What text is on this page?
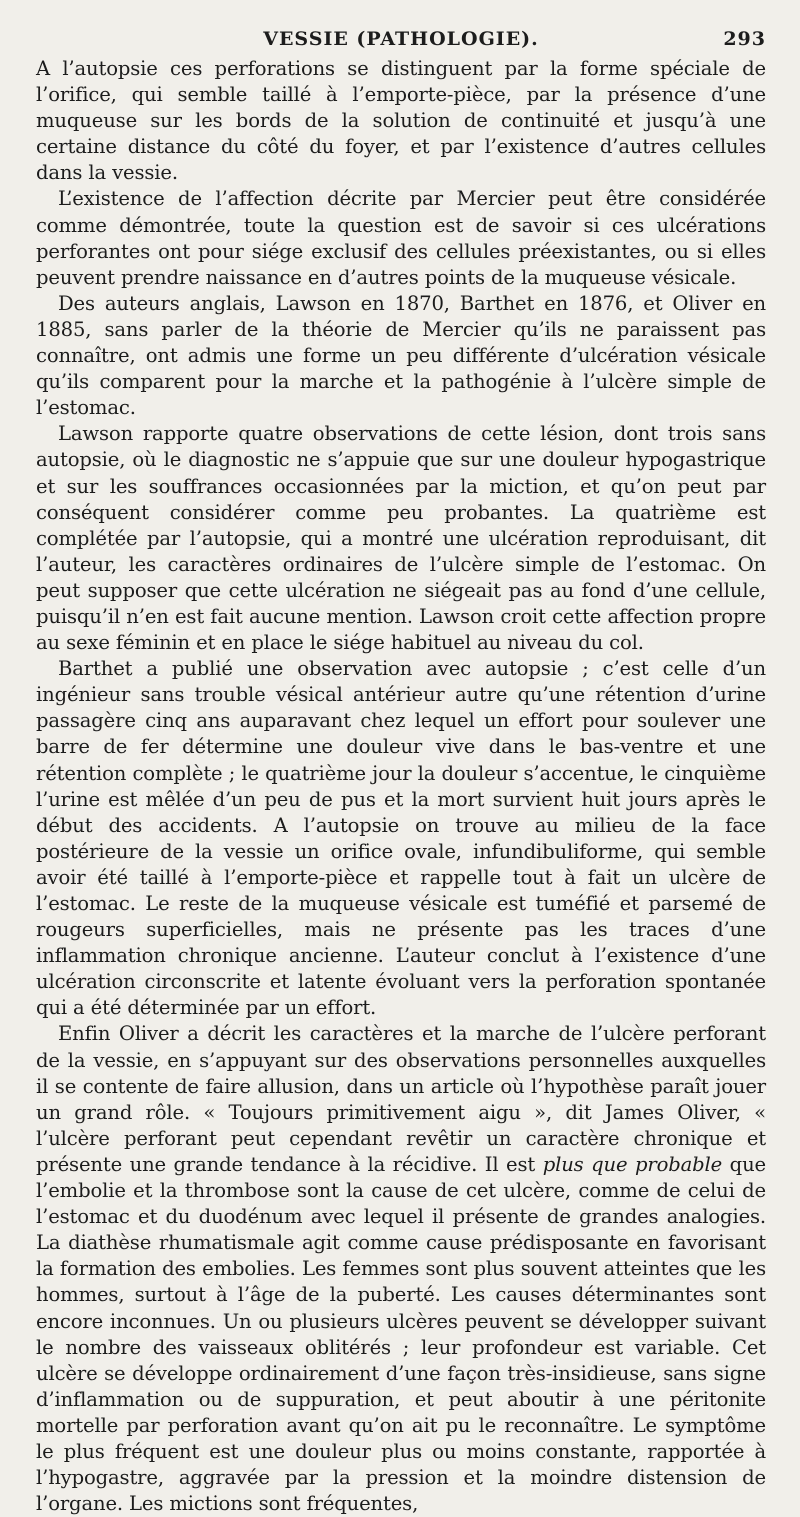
VESSIE (PATHOLOGIE).	293

A l’autopsie ces perforations se distinguent par la forme spéciale de l’orifice, qui semble taillé à l’emporte-pièce, par la présence d’une muqueuse sur les bords de la solution de continuité et jusqu’à une certaine distance du côté du foyer, et par l’existence d’autres cellules dans la vessie.

L’existence de l’affection décrite par Mercier peut être considérée comme démontrée, toute la question est de savoir si ces ulcérations perforantes ont pour siége exclusif des cellules préexistantes, ou si elles peuvent prendre naissance en d’autres points de la muqueuse vésicale.

Des auteurs anglais, Lawson en 1870, Barthet en 1876, et Oliver en 1885, sans parler de la théorie de Mercier qu’ils ne paraissent pas connaître, ont admis une forme un peu différente d’ulcération vésicale qu’ils comparent pour la marche et la pathogénie à l’ulcère simple de l’estomac.

Lawson rapporte quatre observations de cette lésion, dont trois sans autopsie, où le diagnostic ne s’appuie que sur une douleur hypogastrique et sur les souffrances occasionnées par la miction, et qu’on peut par conséquent considérer comme peu probantes. La quatrième est complétée par l’autopsie, qui a montré une ulcération reproduisant, dit l’auteur, les caractères ordinaires de l’ulcère simple de l’estomac. On peut supposer que cette ulcération ne siégeait pas au fond d’une cellule, puisqu’il n’en est fait aucune mention. Lawson croit cette affection propre au sexe féminin et en place le siége habituel au niveau du col.

Barthet a publié une observation avec autopsie ; c’est celle d’un ingénieur sans trouble vésical antérieur autre qu’une rétention d’urine passagère cinq ans auparavant chez lequel un effort pour soulever une barre de fer détermine une douleur vive dans le bas-ventre et une rétention complète ; le quatrième jour la douleur s’accentue, le cinquième l’urine est mêlée d’un peu de pus et la mort survient huit jours après le début des accidents. A l’autopsie on trouve au milieu de la face postérieure de la vessie un orifice ovale, infundibuliforme, qui semble avoir été taillé à l’emporte-pièce et rappelle tout à fait un ulcère de l’estomac. Le reste de la muqueuse vésicale est tuméfié et parsemé de rougeurs superficielles, mais ne présente pas les traces d’une inflammation chronique ancienne. L’auteur conclut à l’existence d’une ulcération circonscrite et latente évoluant vers la perforation spontanée qui a été déterminée par un effort.

Enfin Oliver a décrit les caractères et la marche de l’ulcère perforant de la vessie, en s’appuyant sur des observations personnelles auxquelles il se contente de faire allusion, dans un article où l’hypothèse paraît jouer un grand rôle. « Toujours primitivement aigu », dit James Oliver, « l’ulcère perforant peut cependant revêtir un caractère chronique et présente une grande tendance à la récidive. Il est plus que probable que l’embolie et la thrombose sont la cause de cet ulcère, comme de celui de l’estomac et du duodénum avec lequel il présente de grandes analogies. La diathèse rhumatismale agit comme cause prédisposante en favorisant la formation des embolies. Les femmes sont plus souvent atteintes que les hommes, surtout à l’âge de la puberté. Les causes déterminantes sont encore inconnues. Un ou plusieurs ulcères peuvent se développer suivant le nombre des vaisseaux oblitérés ; leur profondeur est variable. Cet ulcère se développe ordinairement d’une façon très-insidieuse, sans signe d’inflammation ou de suppuration, et peut aboutir à une péritonite mortelle par perforation avant qu’on ait pu le reconnaître. Le symptôme le plus fréquent est une douleur plus ou moins constante, rapportée à l’hypogastre, aggravée par la pression et la moindre distension de l’organe. Les mictions sont fréquentes,
